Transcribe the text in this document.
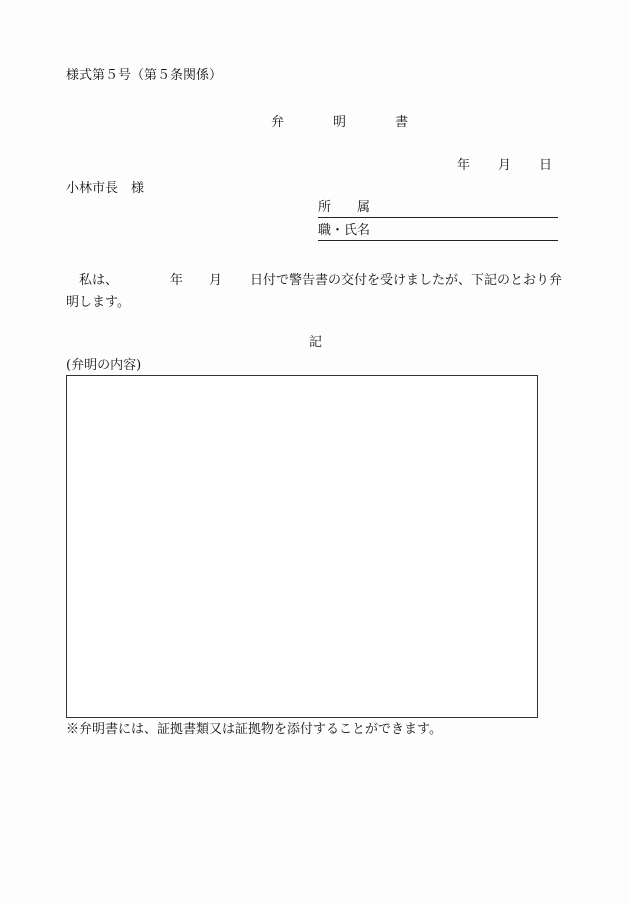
様式第５号（第５条関係）
弁　明　書
年 月 日
小林市長　様
所　　属
職・氏名
私は、	年 月 日付で警告書の交付を受けましたが、下記のとおり弁明します。
記
(弁明の内容)
※弁明書には、証拠書類又は証拠物を添付することができます。
